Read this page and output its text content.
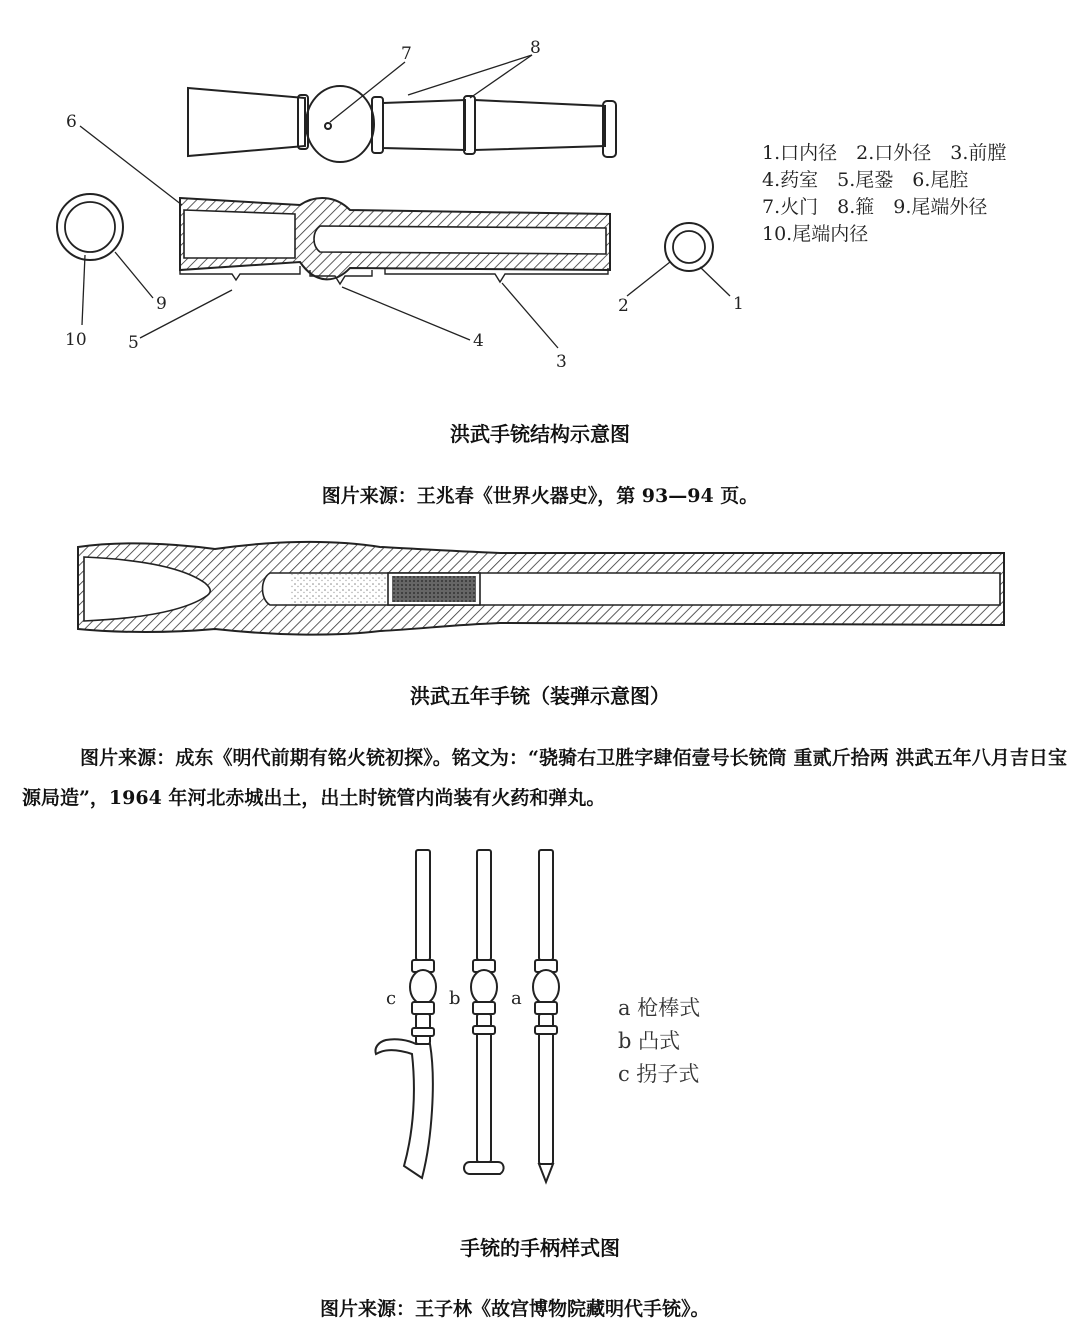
1
2
3
4
5
6
7	8
9
10
1.口内径   2.口外径   3.前膛
4.药室   5.尾銎   6.尾腔
7.火门   8.箍   9.尾端外径
10.尾端内径
洪武手铳结构示意图
图片来源：王兆春《世界火器史》，第 93—94 页。
洪武五年手铳（装弹示意图）
图片来源：成东《明代前期有铭火铳初探》。铭文为：“骁骑右卫胜字肆佰壹号长铳筒 重贰斤拾两 洪武五年八月吉日宝源局造”，1964 年河北赤城出土，出土时铳管内尚装有火药和弹丸。
c	b	a	a 枪棒式
b 凸式
c 拐子式
手铳的手柄样式图
图片来源：王子林《故宫博物院藏明代手铳》。
